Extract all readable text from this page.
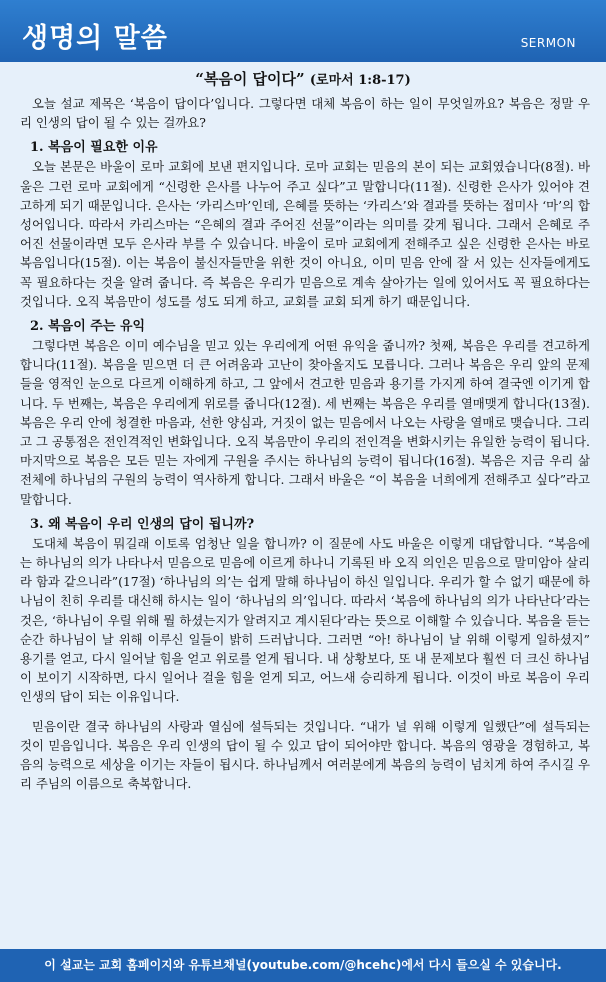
생명의 말씀	SERMON
“복음이 답이다” (로마서 1:8-17)

오늘 설교 제목은 ‘복음이 답이다’입니다. 그렇다면 대체 복음이 하는 일이 무엇일까요? 복음은 정말 우리 인생의 답이 될 수 있는 걸까요?

1. 복음이 필요한 이유

오늘 본문은 바울이 로마 교회에 보낸 편지입니다. 로마 교회는 믿음의 본이 되는 교회였습니다(8절). 바울은 그런 로마 교회에게 “신령한 은사를 나누어 주고 싶다”고 말합니다(11절). 신령한 은사가 있어야 견고하게 되기 때문입니다. 은사는 ‘카리스마’인데, 은혜를 뜻하는 ‘카리스’와 결과를 뜻하는 접미사 ‘마’의 합성어입니다. 따라서 카리스마는 “은혜의 결과 주어진 선물”이라는 의미를 갖게 됩니다. 그래서 은혜로 주어진 선물이라면 모두 은사라 부를 수 있습니다. 바울이 로마 교회에게 전해주고 싶은 신령한 은사는 바로 복음입니다(15절). 이는 복음이 불신자들만을 위한 것이 아니요, 이미 믿음 안에 잘 서 있는 신자들에게도 꼭 필요하다는 것을 알려 줍니다. 즉 복음은 우리가 믿음으로 계속 살아가는 일에 있어서도 꼭 필요하다는 것입니다. 오직 복음만이 성도를 성도 되게 하고, 교회를 교회 되게 하기 때문입니다.

2. 복음이 주는 유익

그렇다면 복음은 이미 예수님을 믿고 있는 우리에게 어떤 유익을 줍니까? 첫째, 복음은 우리를 견고하게 합니다(11절). 복음을 믿으면 더 큰 어려움과 고난이 찾아올지도 모릅니다. 그러나 복음은 우리 앞의 문제들을 영적인 눈으로 다르게 이해하게 하고, 그 앞에서 견고한 믿음과 용기를 가지게 하여 결국엔 이기게 합니다. 두 번째는, 복음은 우리에게 위로를 줍니다(12절). 세 번째는 복음은 우리를 열매맺게 합니다(13절). 복음은 우리 안에 청결한 마음과, 선한 양심과, 거짓이 없는 믿음에서 나오는 사랑을 열매로 맺습니다. 그리고 그 공통점은 전인격적인 변화입니다. 오직 복음만이 우리의 전인격을 변화시키는 유일한 능력이 됩니다. 마지막으로 복음은 모든 믿는 자에게 구원을 주시는 하나님의 능력이 됩니다(16절). 복음은 지금 우리 삶 전체에 하나님의 구원의 능력이 역사하게 합니다. 그래서 바울은 “이 복음을 너희에게 전해주고 싶다”라고 말합니다.

3. 왜 복음이 우리 인생의 답이 됩니까?

도대체 복음이 뭐길래 이토록 엄청난 일을 합니까? 이 질문에 사도 바울은 이렇게 대답합니다. “복음에는 하나님의 의가 나타나서 믿음으로 믿음에 이르게 하나니 기록된 바 오직 의인은 믿음으로 말미암아 살리라 함과 같으니라”(17절) ‘하나님의 의’는 쉽게 말해 하나님이 하신 일입니다. 우리가 할 수 없기 때문에 하나님이 친히 우리를 대신해 하시는 일이 ‘하나님의 의’입니다. 따라서 ‘복음에 하나님의 의가 나타난다’라는 것은, ‘하나님이 우릴 위해 뭘 하셨는지가 알려지고 계시된다’라는 뜻으로 이해할 수 있습니다. 복음을 듣는 순간 하나님이 날 위해 이루신 일들이 밝히 드러납니다. 그러면 “아! 하나님이 날 위해 이렇게 일하셨지” 용기를 얻고, 다시 일어날 힘을 얻고 위로를 얻게 됩니다. 내 상황보다, 또 내 문제보다 훨씬 더 크신 하나님이 보이기 시작하면, 다시 일어나 걸을 힘을 얻게 되고, 어느새 승리하게 됩니다. 이것이 바로 복음이 우리 인생의 답이 되는 이유입니다.

믿음이란 결국 하나님의 사랑과 열심에 설득되는 것입니다. “내가 널 위해 이렇게 일했단”에 설득되는 것이 믿음입니다. 복음은 우리 인생의 답이 될 수 있고 답이 되어야만 합니다. 복음의 영광을 경험하고, 복음의 능력으로 세상을 이기는 자들이 됩시다. 하나님께서 여러분에게 복음의 능력이 넘치게 하여 주시길 우리 주님의 이름으로 축복합니다.

이 설교는 교회 홈페이지와 유튜브채널(youtube.com/@hcehc)에서 다시 들으실 수 있습니다.
